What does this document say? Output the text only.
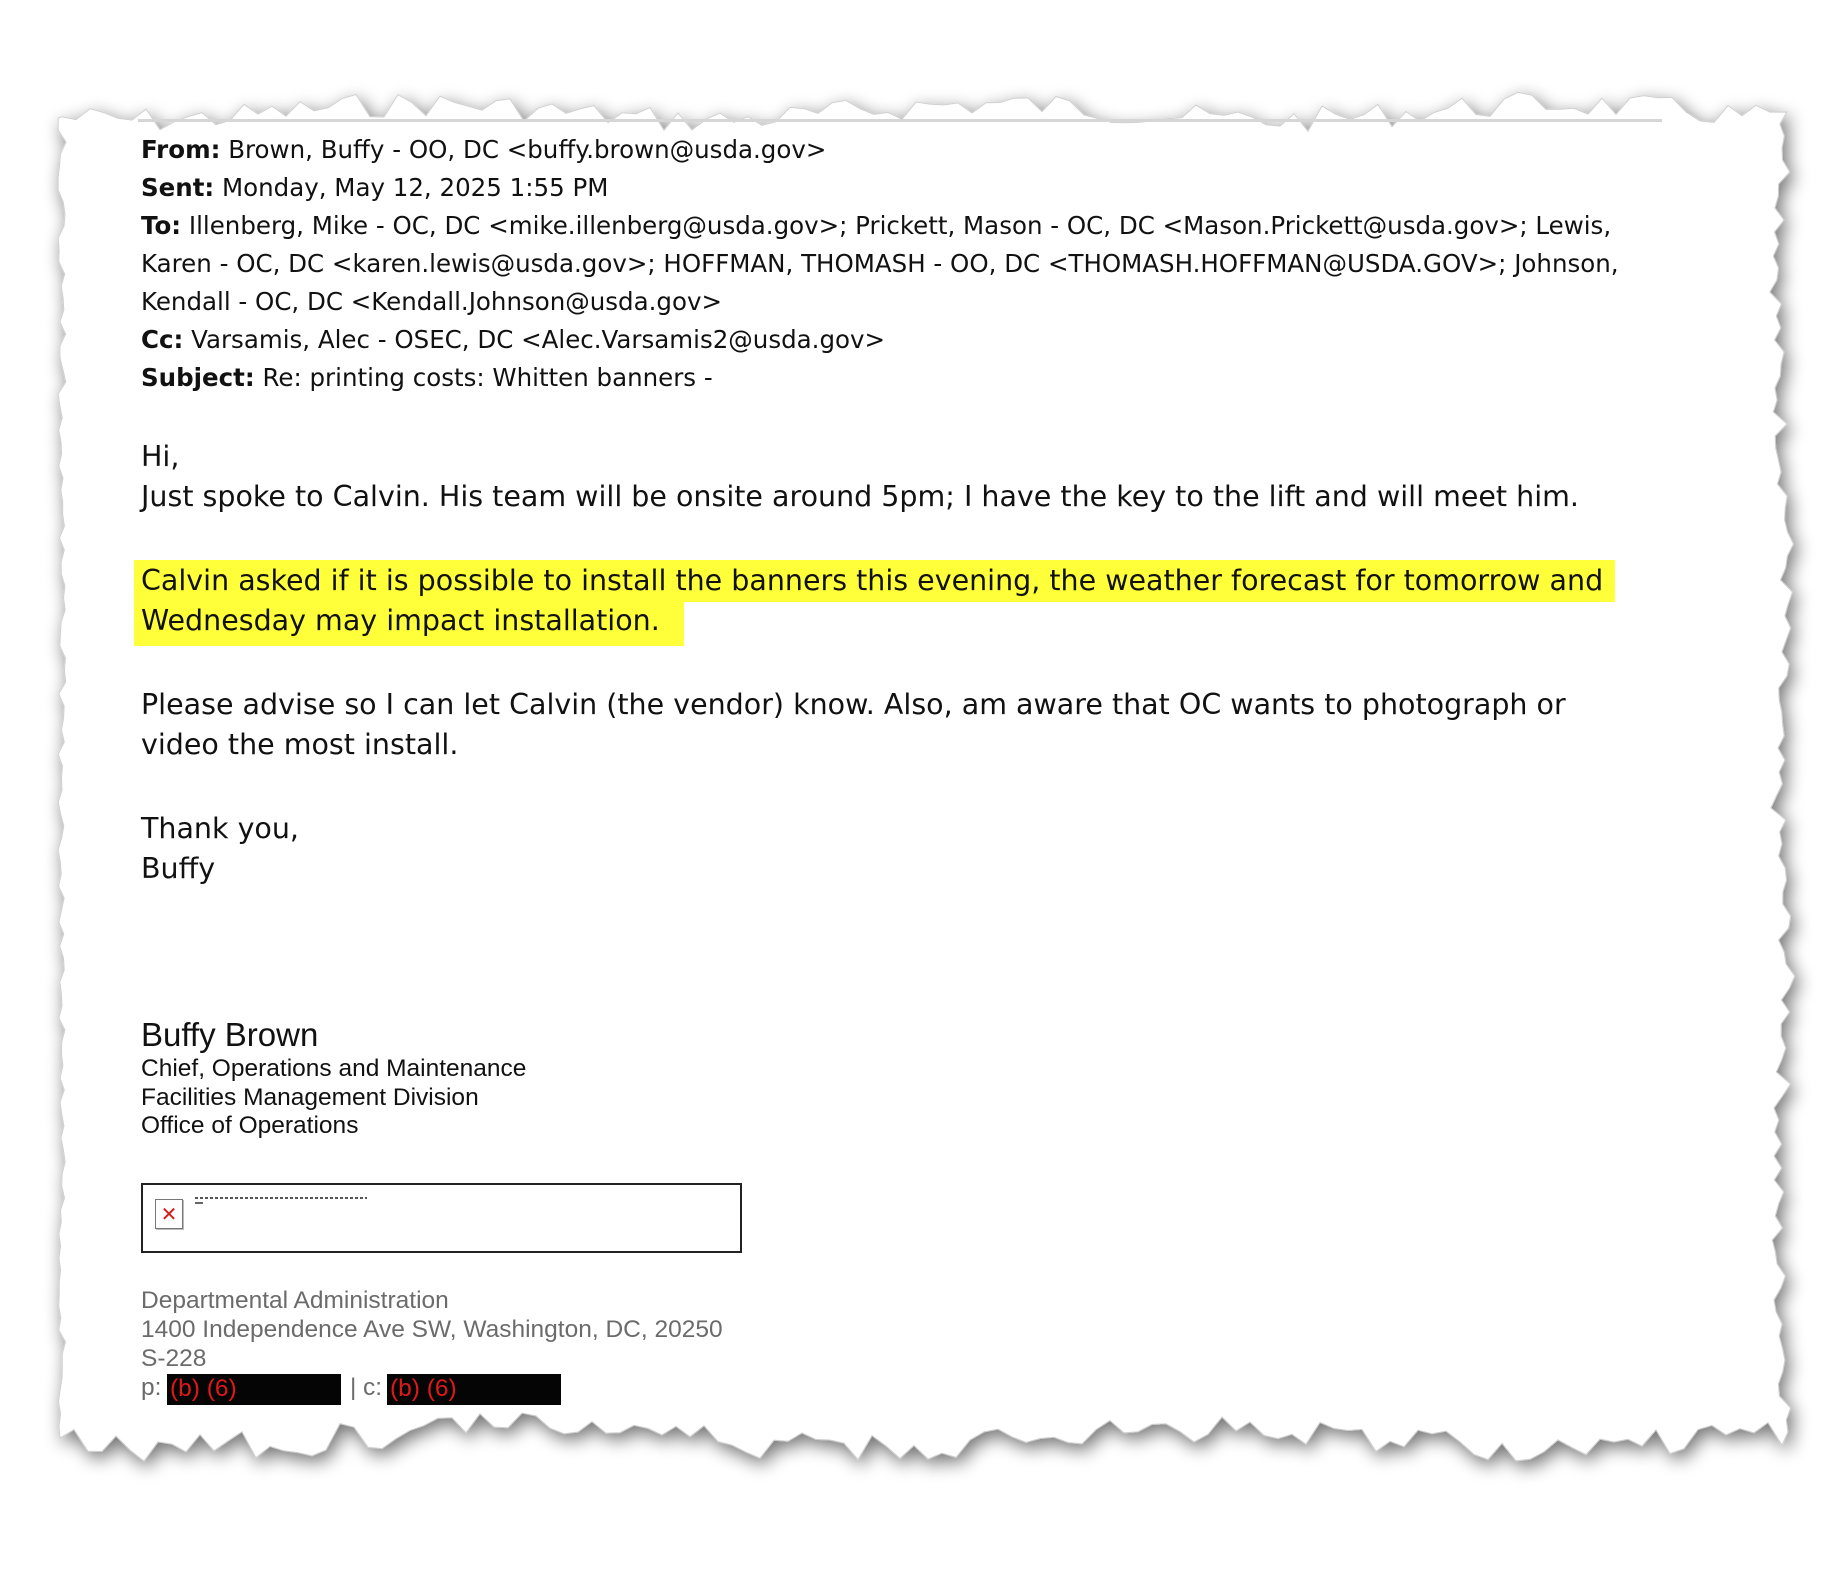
From: Brown, Buffy - OO, DC <buffy.brown@usda.gov>
Sent: Monday, May 12, 2025 1:55 PM
To: Illenberg, Mike - OC, DC <mike.illenberg@usda.gov>; Prickett, Mason - OC, DC <Mason.Prickett@usda.gov>; Lewis,
Karen - OC, DC <karen.lewis@usda.gov>; HOFFMAN, THOMASH - OO, DC <THOMASH.HOFFMAN@USDA.GOV>; Johnson,
Kendall - OC, DC <Kendall.Johnson@usda.gov>
Cc: Varsamis, Alec - OSEC, DC <Alec.Varsamis2@usda.gov>
Subject: Re: printing costs: Whitten banners -
Hi,
Just spoke to Calvin. His team will be onsite around 5pm; I have the key to the lift and will meet him.
Calvin asked if it is possible to install the banners this evening, the weather forecast for tomorrow and
Wednesday may impact installation.
Please advise so I can let Calvin (the vendor) know. Also, am aware that OC wants to photograph or
video the most install.
Thank you,
Buffy
Buffy Brown
Chief, Operations and Maintenance
Facilities Management Division
Office of Operations
✕
Departmental Administration
1400 Independence Ave SW, Washington, DC, 20250
S-228
p: (b) (6)	| c: (b) (6)
